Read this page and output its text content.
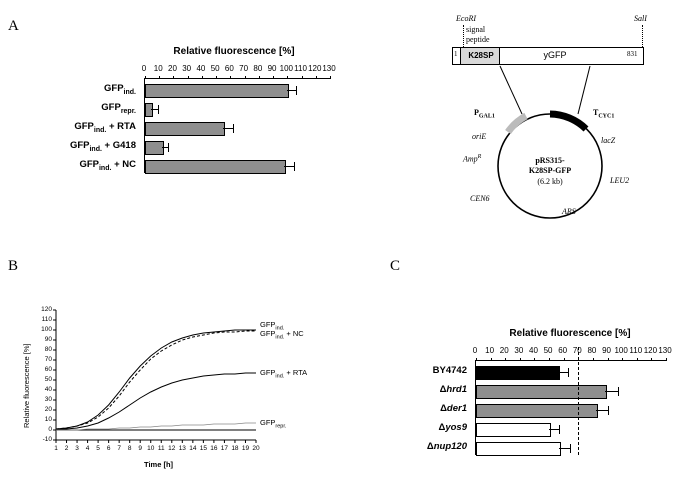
A
B	C
Relative fluorescence [%]
0 10 20 30 40 50 60 70 80 90 100 110 120 130
$GFP_{ind.}$
$GFP_{repr.}$
$GFP_{ind.}$ + RTA
$GFP_{ind.} + G418$
$GFP_{ind.}$ + NC
EcoRI	SalI
signal
peptide
K28SP	yGFP
1	831
pRS315-
K28SP-GFP
(6.2 kb)
$P_{GAL1}$	$T_{CYC1}$
oriE	lacZ
Amp$^R$
LEU2
CEN6
ARS
Relative fluorescence [%]
-10
0
10
20
30
40
50
60
70
80
90
100
110
120
1	2	3	4	5	6	7	8	9 10 11 12 13 14 15 16 17 18 19 20
Time [h]
$GFP_{ind.}$
$GFP_{ind.}$ + NC
$GFP_{ind.}$ + RTA
$GFP_{repr.}$
Relative fluorescence [%]
0 10 20 30 40 50 60 70 80 90 100 110 120 130
BY4742
Δhrd1
Δder1
Δyos9
Δnup120
